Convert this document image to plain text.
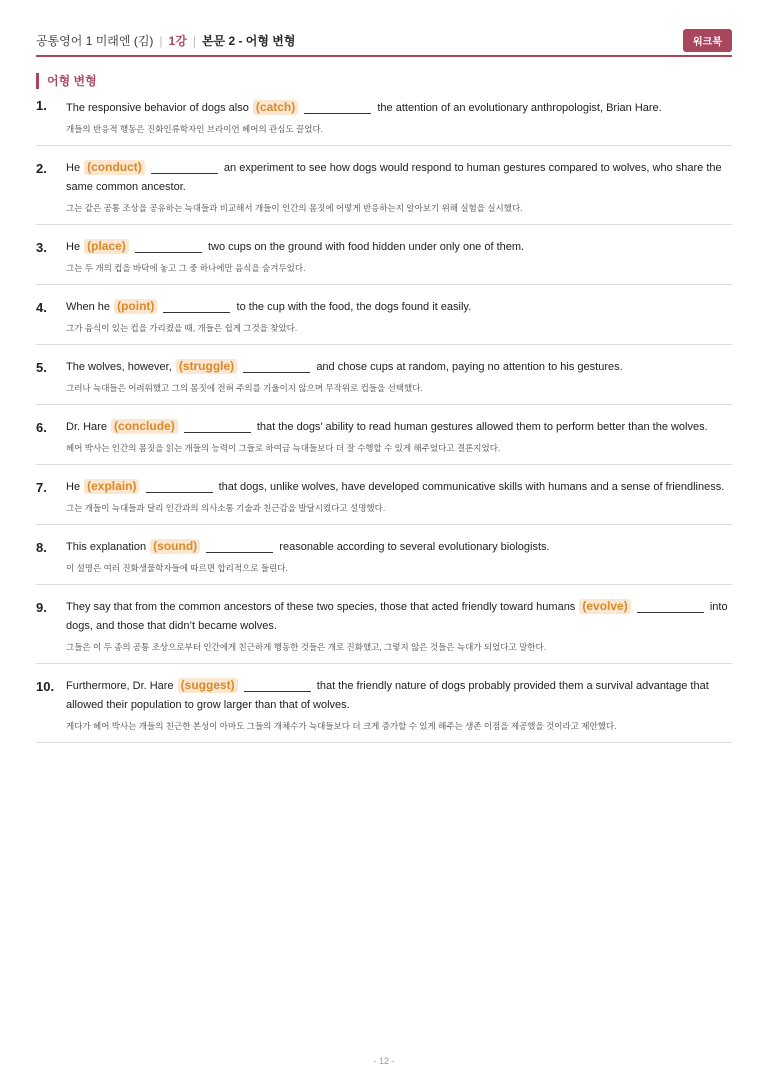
공통영어 1 미래엔 (김) | 1강 | 본문 2 - 어형 변형	워크북
어형 변형
1. The responsive behavior of dogs also (catch)	the attention of an evolutionary anthropologist, Brian Hare.
개들의 반응적 행동은 진화인류학자인 브라이언 헤어의 관심도 끌었다.
2. He (conduct)	an experiment to see how dogs would respond to human gestures compared to wolves, who share the same common ancestor.
그는 같은 공통 조상을 공유하는 늑대들과 비교해서 개들이 인간의 몸짓에 어떻게 반응하는지 알아보기 위해 실험을 실시했다.
3. He (place)	two cups on the ground with food hidden under only one of them.
그는 두 개의 컵을 바닥에 놓고 그 중 하나에만 음식을 숨겨두었다.
4. When he (point)	to the cup with the food, the dogs found it easily.
그가 음식이 있는 컵을 가리켰을 때, 개들은 쉽게 그것을 찾았다.
5. The wolves, however, (struggle)	and chose cups at random, paying no attention to his gestures.
그러나 늑대들은 어려워했고 그의 몸짓에 전혀 주의를 기울이지 않으며 무작위로 컵들을 선택했다.
6. Dr. Hare (conclude)	that the dogs’ ability to read human gestures allowed them to perform better than the wolves.
헤어 박사는 인간의 몸짓을 읽는 개들의 능력이 그들로 하여금 늑대들보다 더 잘 수행할 수 있게 해주었다고 결론지었다.
7. He (explain)	that dogs, unlike wolves, have developed communicative skills with humans and a sense of friendliness.
그는 개들이 늑대들과 달리 인간과의 의사소통 기술과 친근감을 발달시켰다고 설명했다.
8. This explanation (sound)	reasonable according to several evolutionary biologists.
이 설명은 여러 진화생물학자들에 따르면 합리적으로 들린다.
9. They say that from the common ancestors of these two species, those that acted friendly toward humans (evolve)	into dogs, and those that didn’t became wolves.
그들은 이 두 종의 공통 조상으로부터 인간에게 친근하게 행동한 것들은 개로 진화했고, 그렇지 않은 것들은 늑대가 되었다고 말한다.
10. Furthermore, Dr. Hare (suggest)	that the friendly nature of dogs probably provided them a survival advantage that allowed their population to grow larger than that of wolves.
게다가 헤어 박사는 개들의 친근한 본성이 아마도 그들의 개체수가 늑대들보다 더 크게 증가할 수 있게 해주는 생존 이점을 제공했을 것이라고 제안했다.
- 12 -
